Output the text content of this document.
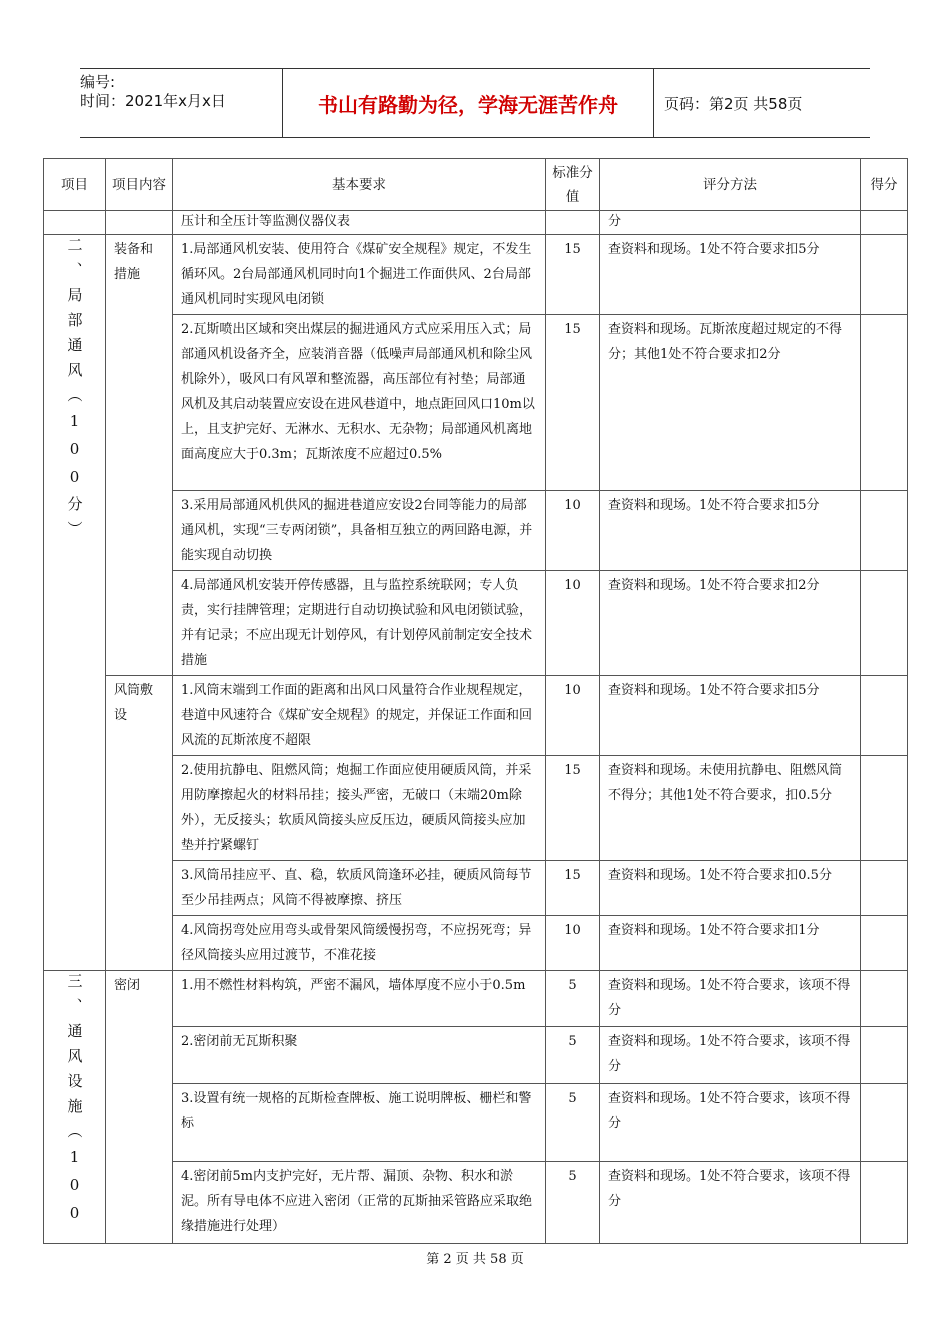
编号:
时间：2021年x月x日	书山有路勤为径，学海无涯苦作舟	页码：第2页 共58页
项目	项目内容	基本要求	标准分值	评分方法	得分
		压计和全压计等监测仪器仪表		分	
二、局部通风（100分）	装备和措施	1.局部通风机安装、使用符合《煤矿安全规程》规定，不发生循环风。2台局部通风机同时向1个掘进工作面供风、2台局部通风机同时实现风电闭锁	15	查资料和现场。1处不符合要求扣5分	
		2.瓦斯喷出区域和突出煤层的掘进通风方式应采用压入式；局部通风机设备齐全，应装消音器（低噪声局部通风机和除尘风机除外），吸风口有风罩和整流器，高压部位有衬垫；局部通风机及其启动装置应安设在进风巷道中，地点距回风口10m以上，且支护完好、无淋水、无积水、无杂物；局部通风机离地面高度应大于0.3m；瓦斯浓度不应超过0.5%	15	查资料和现场。瓦斯浓度超过规定的不得分；其他1处不符合要求扣2分	
		3.采用局部通风机供风的掘进巷道应安设2台同等能力的局部通风机，实现“三专两闭锁”，具备相互独立的两回路电源，并能实现自动切换	10	查资料和现场。1处不符合要求扣5分	
		4.局部通风机安装开停传感器，且与监控系统联网；专人负责，实行挂牌管理；定期进行自动切换试验和风电闭锁试验，并有记录；不应出现无计划停风，有计划停风前制定安全技术措施	10	查资料和现场。1处不符合要求扣2分	
	风筒敷设	1.风筒末端到工作面的距离和出风口风量符合作业规程规定，巷道中风速符合《煤矿安全规程》的规定，并保证工作面和回风流的瓦斯浓度不超限	10	查资料和现场。1处不符合要求扣5分	
		2.使用抗静电、阻燃风筒；炮掘工作面应使用硬质风筒，并采用防摩擦起火的材料吊挂；接头严密，无破口（末端20m除外），无反接头；软质风筒接头应反压边，硬质风筒接头应加垫并拧紧螺钉	15	查资料和现场。未使用抗静电、阻燃风筒不得分；其他1处不符合要求，扣0.5分	
		3.风筒吊挂应平、直、稳，软质风筒逢环必挂，硬质风筒每节至少吊挂两点；风筒不得被摩擦、挤压	15	查资料和现场。1处不符合要求扣0.5分	
		4.风筒拐弯处应用弯头或骨架风筒缓慢拐弯，不应拐死弯；异径风筒接头应用过渡节，不准花接	10	查资料和现场。1处不符合要求扣1分	
三、通风设施（100	密闭	1.用不燃性材料构筑，严密不漏风，墙体厚度不应小于0.5m	5	查资料和现场。1处不符合要求，该项不得分	
		2.密闭前无瓦斯积聚	5	查资料和现场。1处不符合要求，该项不得分	
		3.设置有统一规格的瓦斯检查牌板、施工说明牌板、栅栏和警标	5	查资料和现场。1处不符合要求，该项不得分	
		4.密闭前5m内支护完好，无片帮、漏顶、杂物、积水和淤泥。所有导电体不应进入密闭（正常的瓦斯抽采管路应采取绝缘措施进行处理）	5	查资料和现场。1处不符合要求，该项不得分	
第 2 页 共 58 页
